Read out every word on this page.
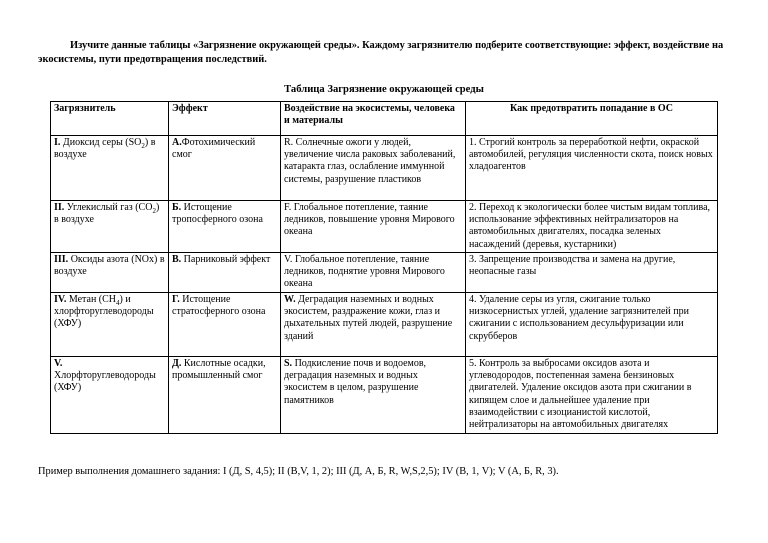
Изучите данные таблицы «Загрязнение окружающей среды». Каждому загрязнителю подберите соответствующие: эффект, воздействие на экосистемы, пути предотвращения последствий.

Таблица Загрязнение окружающей среды

Загрязнитель	Эффект	Воздействие на экосистемы, человека и материалы	Как предотвратить попадание в ОС
I. Диоксид серы $(SO_2)$ в воздухе	А.Фотохимический смог	R. Солнечные ожоги у людей, увеличение числа раковых заболеваний, катаракта глаз, ослабление иммунной системы, разрушение пластиков	1. Строгий контроль за переработкой нефти, окраской автомобилей, регуляция численности скота, поиск новых хладоагентов
II. Углекислый газ $(CO_2)$ в воздухе	Б. Истощение тропосферного озона	F. Глобальное потепление, таяние ледников, повышение уровня Мирового океана	2. Переход к экологически более чистым видам топлива, использование эффективных нейтрализаторов на автомобильных двигателях, посадка зеленых насаждений (деревья, кустарники)
III. Оксиды азота (NOx) в воздухе	В. Парниковый эффект	V. Глобальное потепление, таяние ледников, поднятие уровня Мирового океана	3. Запрещение производства и замена на другие, неопасные газы
IV. Метан $(CH_4)$ и хлорфторуглеводороды (ХФУ)	Г. Истощение стратосферного озона	W. Деградация наземных и водных экосистем, раздражение кожи, глаз и дыхательных путей людей, разрушение зданий	4. Удаление серы из угля, сжигание только низкосернистых углей, удаление загрязнителей при сжигании с использованием десульфуризации или скрубберов
V. Хлорфторуглеводороды (ХФУ)	Д. Кислотные осадки, промышленный смог	S. Подкисление почв и водоемов, деградация наземных и водных экосистем в целом, разрушение памятников	5. Контроль за выбросами оксидов азота и углеводородов, постепенная замена бензиновых двигателей. Удаление оксидов азота при сжигании в кипящем слое и дальнейшее удаление при взаимодействии с изоцианистой кислотой, нейтрализаторы на автомобильных двигателях

Пример выполнения домашнего задания: I (Д, S, 4,5); II (В,V, 1, 2); III (Д, А, Б, R, W,S,2,5); IV (В, 1, V); V (А, Б, R, 3).
